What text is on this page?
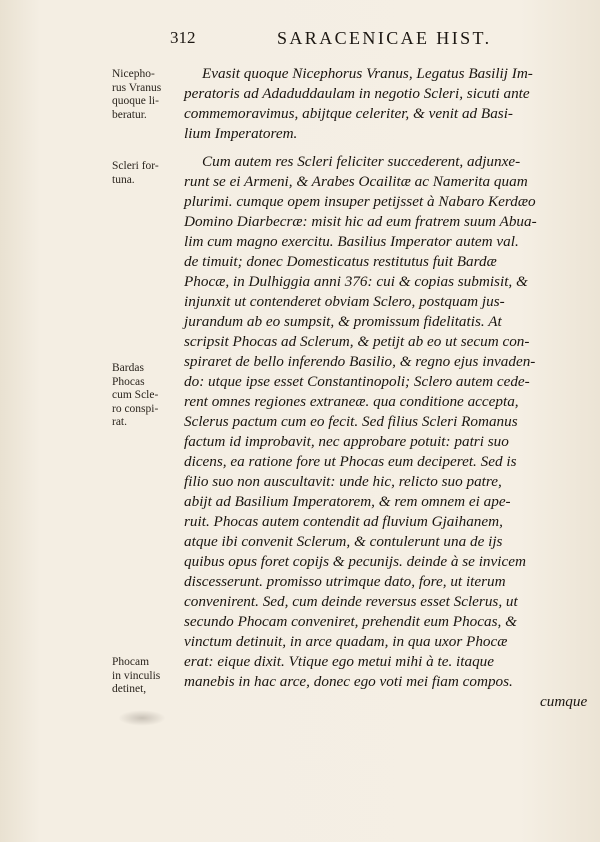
312	SARACENICAE HIST.
Nicepho-
rus Vranus
quoque li-
beratur.
Scleri for-
tuna.
Bardas
Phocas
cum Scle-
ro conspi-
rat.
Phocam
in vinculis
detinet,
Evasit quoque Nicephorus Vranus, Legatus Basilij Im-
peratoris ad Adaduddaulam in negotio Scleri, sicuti ante
commemoravimus, abijtque celeriter, & venit ad Basi-
lium Imperatorem.
Cum autem res Scleri feliciter succederent, adjunxe-
runt se ei Armeni, & Arabes Ocailitæ ac Namerita quam
plurimi. cumque opem insuper petijsset à Nabaro Kerdæo
Domino Diarbecræ: misit hic ad eum fratrem suum Abua-
lim cum magno exercitu. Basilius Imperator autem val.
de timuit; donec Domesticatus restitutus fuit Bardæ
Phocæ, in Dulhiggia anni 376: cui & copias submisit, &
injunxit ut contenderet obviam Sclero, postquam jus-
jurandum ab eo sumpsit, & promissum fidelitatis. At
scripsit Phocas ad Sclerum, & petijt ab eo ut secum con-
spiraret de bello inferendo Basilio, & regno ejus invaden-
do: utque ipse esset Constantinopoli; Sclero autem cede-
rent omnes regiones extraneæ. qua conditione accepta,
Sclerus pactum cum eo fecit. Sed filius Scleri Romanus
factum id improbavit, nec approbare potuit: patri suo
dicens, ea ratione fore ut Phocas eum deciperet. Sed is
filio suo non auscultavit: unde hic, relicto suo patre,
abijt ad Basilium Imperatorem, & rem omnem ei ape-
ruit. Phocas autem contendit ad fluvium Gjaihanem,
atque ibi convenit Sclerum, & contulerunt una de ijs
quibus opus foret copijs & pecunijs. deinde à se invicem
discesserunt. promisso utrimque dato, fore, ut iterum
convenirent. Sed, cum deinde reversus esset Sclerus, ut
secundo Phocam conveniret, prehendit eum Phocas, &
vinctum detinuit, in arce quadam, in qua uxor Phocæ
erat: eique dixit. Vtique ego metui mihi à te. itaque
manebis in hac arce, donec ego voti mei fiam compos.
cumque
